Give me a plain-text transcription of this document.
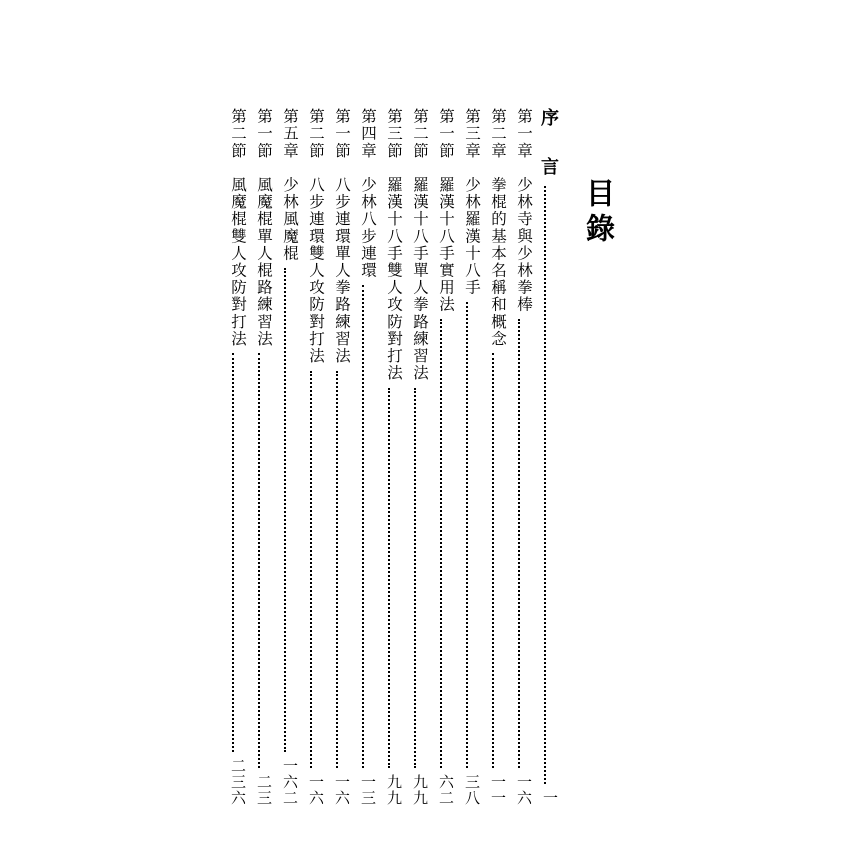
目錄
序 言
一
第一章　少林寺與少林拳棒
一六
第二章　拳棍的基本名稱和概念
一一
第三章　少林羅漢十八手
三八
第一節　羅漢十八手實用法
六二
第二節　羅漢十八手單人拳路練習法
九九
第三節　羅漢十八手雙人攻防對打法
九九
第四章　少林八步連環
一三
第一節　八步連環單人拳路練習法
一六
第二節　八步連環雙人攻防對打法
一六
第五章　少林風魔棍
一六二
第一節　風魔棍單人棍路練習法
二三
第二節　風魔棍雙人攻防對打法
二三六
